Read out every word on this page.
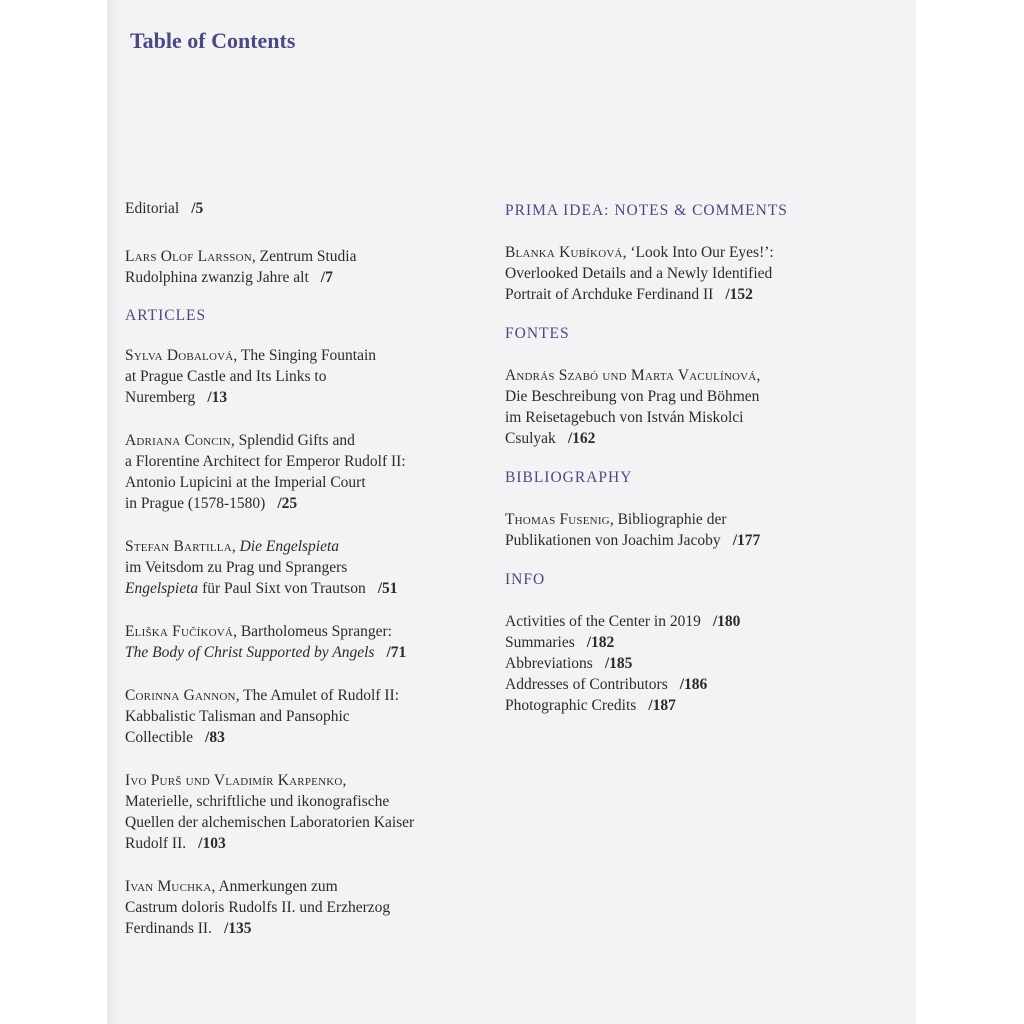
Table of Contents

Editorial /5

Lars Olof Larsson, Zentrum Studia
Rudolphina zwanzig Jahre alt /7

ARTICLES

Sylva Dobalová, The Singing Fountain
at Prague Castle and Its Links to
Nuremberg /13

Adriana Concin, Splendid Gifts and
a Florentine Architect for Emperor Rudolf II:
Antonio Lupicini at the Imperial Court
in Prague (1578-1580) /25

Stefan Bartilla, Die Engelspieta
im Veitsdom zu Prag und Sprangers
Engelspieta für Paul Sixt von Trautson /51

Eliška Fučíková, Bartholomeus Spranger:
The Body of Christ Supported by Angels /71

Corinna Gannon, The Amulet of Rudolf II:
Kabbalistic Talisman and Pansophic
Collectible /83

Ivo Purš und Vladimír Karpenko,
Materielle, schriftliche und ikonografische
Quellen der alchemischen Laboratorien Kaiser
Rudolf II. /103

Ivan Muchka, Anmerkungen zum
Castrum doloris Rudolfs II. und Erzherzog
Ferdinands II. /135

PRIMA IDEA: NOTES & COMMENTS

Blanka Kubíková, ‘Look Into Our Eyes!’:
Overlooked Details and a Newly Identified
Portrait of Archduke Ferdinand II /152

FONTES

András Szabó und Marta Vaculínová,
Die Beschreibung von Prag und Böhmen
im Reisetagebuch von István Miskolci
Csulyak /162

BIBLIOGRAPHY

Thomas Fusenig, Bibliographie der
Publikationen von Joachim Jacoby /177

INFO

Activities of the Center in 2019 /180

Summaries /182

Abbreviations /185

Addresses of Contributors /186

Photographic Credits /187
